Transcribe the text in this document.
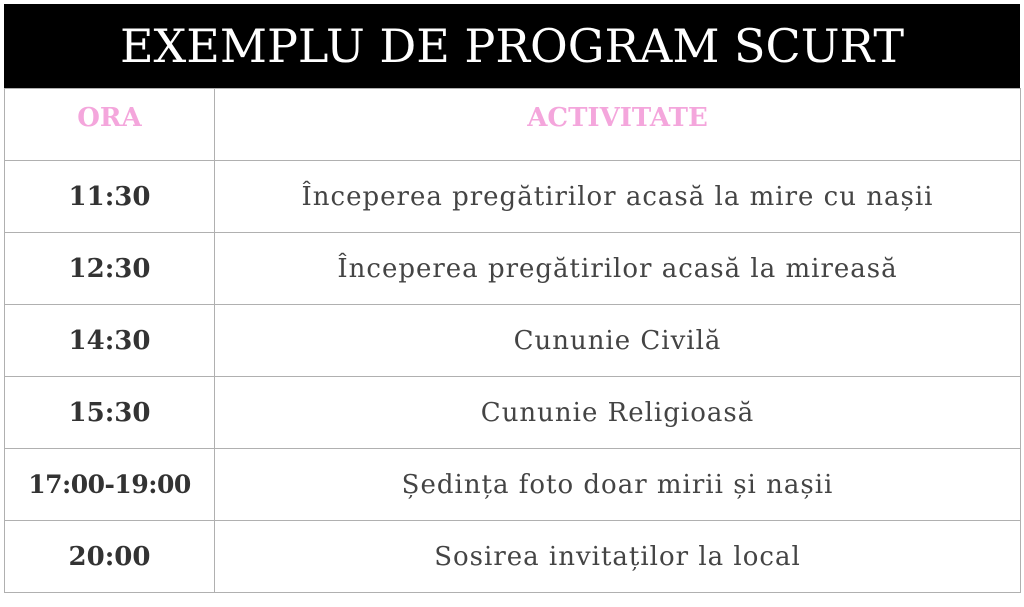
EXEMPLU DE PROGRAM SCURT
ORA	ACTIVITATE
11:30	Începerea pregătirilor acasă la mire cu nașii
12:30	Începerea pregătirilor acasă la mireasă
14:30	Cununie Civilă
15:30	Cununie Religioasă
17:00-19:00	Ședința foto doar mirii și nașii
20:00	Sosirea invitaților la local
